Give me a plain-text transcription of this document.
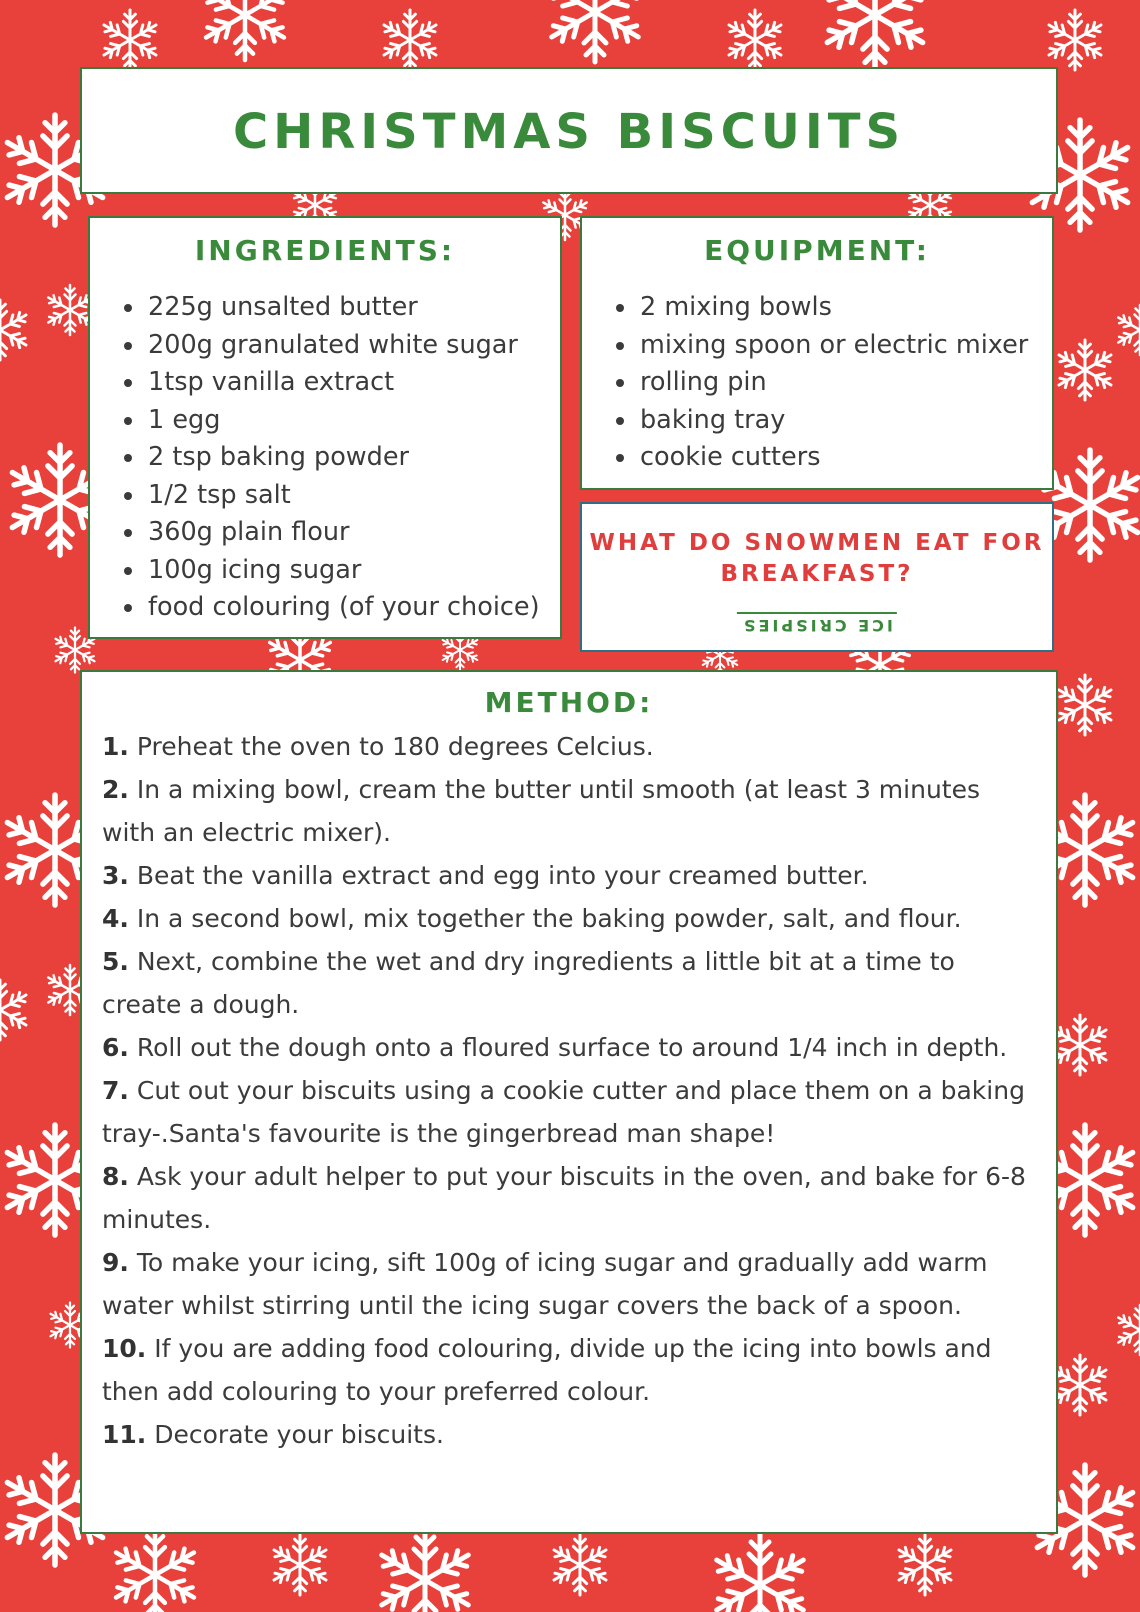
CHRISTMAS BISCUITS
INGREDIENTS:
• 225g unsalted butter
• 200g granulated white sugar
• 1tsp vanilla extract
• 1 egg
• 2 tsp baking powder
• 1/2 tsp salt
• 360g plain flour
• 100g icing sugar
• food colouring (of your choice)
EQUIPMENT:
• 2 mixing bowls
• mixing spoon or electric mixer
• rolling pin
• baking tray
• cookie cutters
WHAT DO SNOWMEN EAT FOR BREAKFAST?
ICE CRISPIES
METHOD:
1. Preheat the oven to 180 degrees Celcius.
2. In a mixing bowl, cream the butter until smooth (at least 3 minutes with an electric mixer).
3. Beat the vanilla extract and egg into your creamed butter.
4. In a second bowl, mix together the baking powder, salt, and flour.
5. Next, combine the wet and dry ingredients a little bit at a time to create a dough.
6. Roll out the dough onto a floured surface to around 1/4 inch in depth.
7. Cut out your biscuits using a cookie cutter and place them on a baking tray-.Santa's favourite is the gingerbread man shape!
8. Ask your adult helper to put your biscuits in the oven, and bake for 6-8 minutes.
9. To make your icing, sift 100g of icing sugar and gradually add warm water whilst stirring until the icing sugar covers the back of a spoon.
10. If you are adding food colouring, divide up the icing into bowls and then add colouring to your preferred colour.
11. Decorate your biscuits.
